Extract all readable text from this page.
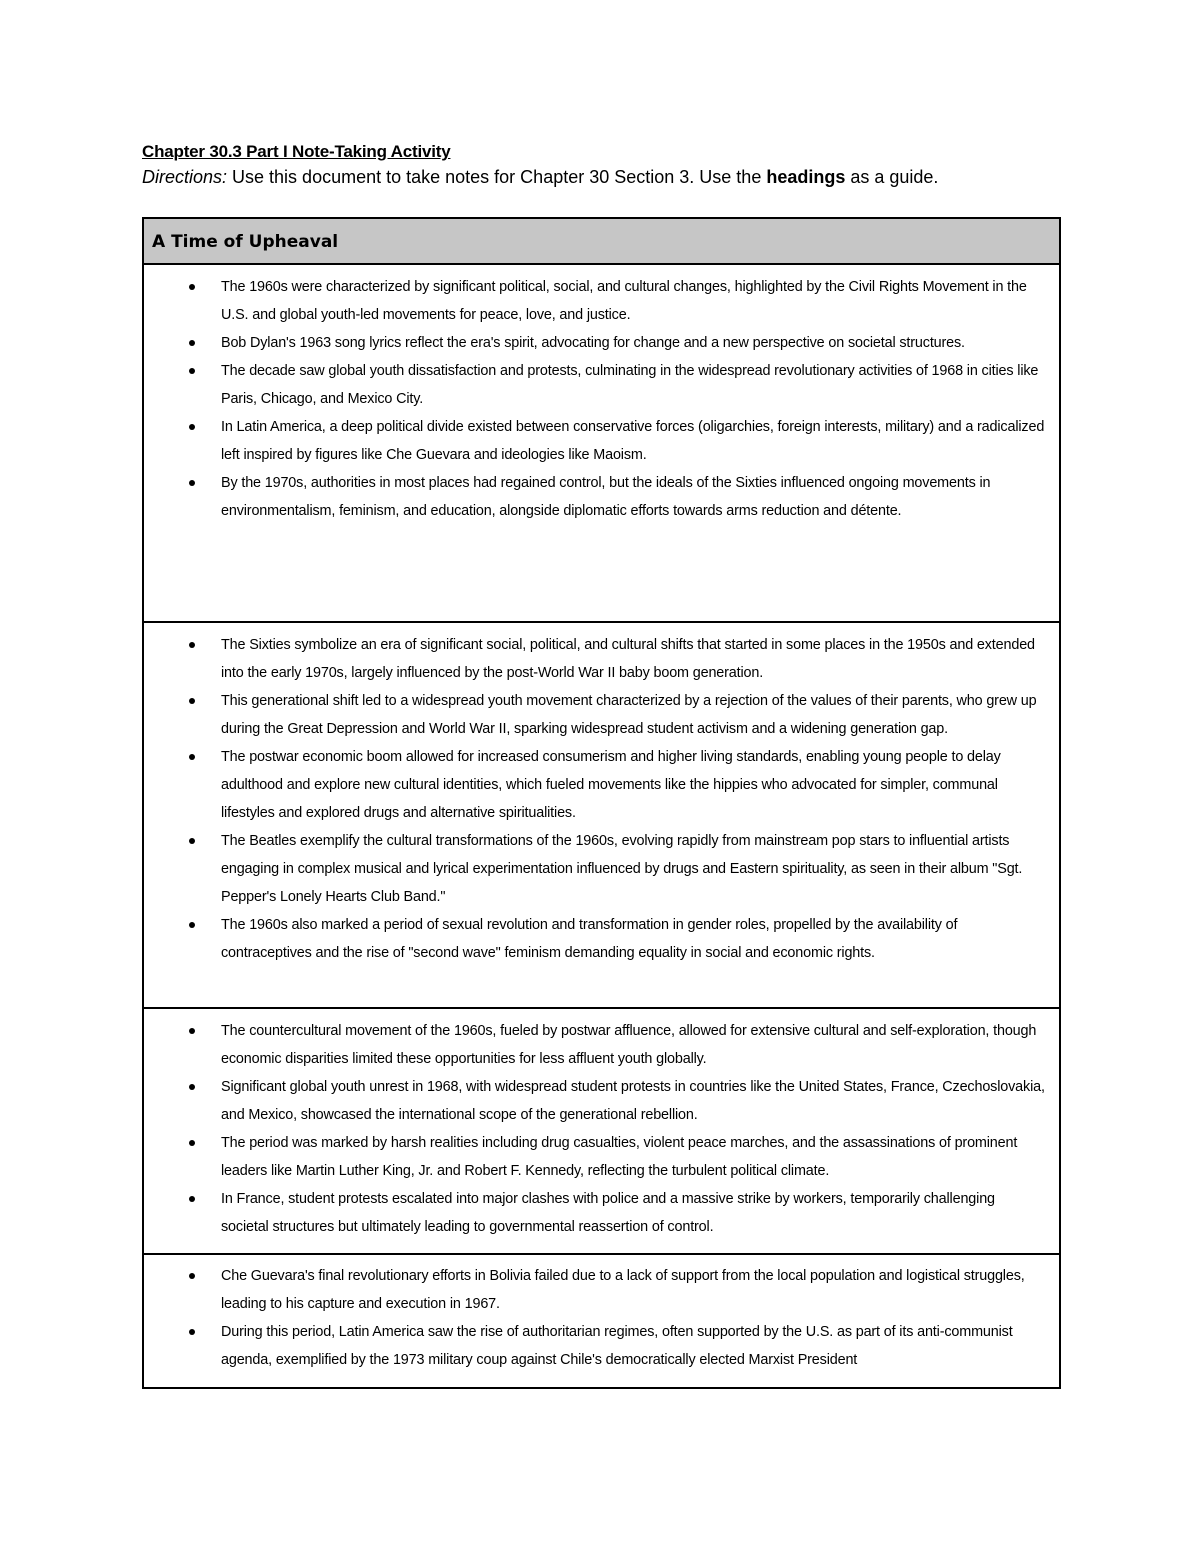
Chapter 30.3 Part I Note-Taking Activity

Directions: Use this document to take notes for Chapter 30 Section 3. Use the headings as a guide.

A Time of Upheaval
The 1960s were characterized by significant political, social, and cultural changes, highlighted by the Civil Rights Movement in the U.S. and global youth-led movements for peace, love, and justice.
Bob Dylan's 1963 song lyrics reflect the era's spirit, advocating for change and a new perspective on societal structures.
The decade saw global youth dissatisfaction and protests, culminating in the widespread revolutionary activities of 1968 in cities like Paris, Chicago, and Mexico City.
In Latin America, a deep political divide existed between conservative forces (oligarchies, foreign interests, military) and a radicalized left inspired by figures like Che Guevara and ideologies like Maoism.
By the 1970s, authorities in most places had regained control, but the ideals of the Sixties influenced ongoing movements in environmentalism, feminism, and education, alongside diplomatic efforts towards arms reduction and détente.
The Sixties symbolize an era of significant social, political, and cultural shifts that started in some places in the 1950s and extended into the early 1970s, largely influenced by the post-World War II baby boom generation.
This generational shift led to a widespread youth movement characterized by a rejection of the values of their parents, who grew up during the Great Depression and World War II, sparking widespread student activism and a widening generation gap.
The postwar economic boom allowed for increased consumerism and higher living standards, enabling young people to delay adulthood and explore new cultural identities, which fueled movements like the hippies who advocated for simpler, communal lifestyles and explored drugs and alternative spiritualities.
The Beatles exemplify the cultural transformations of the 1960s, evolving rapidly from mainstream pop stars to influential artists engaging in complex musical and lyrical experimentation influenced by drugs and Eastern spirituality, as seen in their album "Sgt. Pepper's Lonely Hearts Club Band."
The 1960s also marked a period of sexual revolution and transformation in gender roles, propelled by the availability of contraceptives and the rise of "second wave" feminism demanding equality in social and economic rights.
The countercultural movement of the 1960s, fueled by postwar affluence, allowed for extensive cultural and self-exploration, though economic disparities limited these opportunities for less affluent youth globally.
Significant global youth unrest in 1968, with widespread student protests in countries like the United States, France, Czechoslovakia, and Mexico, showcased the international scope of the generational rebellion.
The period was marked by harsh realities including drug casualties, violent peace marches, and the assassinations of prominent leaders like Martin Luther King, Jr. and Robert F. Kennedy, reflecting the turbulent political climate.
In France, student protests escalated into major clashes with police and a massive strike by workers, temporarily challenging societal structures but ultimately leading to governmental reassertion of control.
Che Guevara's final revolutionary efforts in Bolivia failed due to a lack of support from the local population and logistical struggles, leading to his capture and execution in 1967.
During this period, Latin America saw the rise of authoritarian regimes, often supported by the U.S. as part of its anti-communist agenda, exemplified by the 1973 military coup against Chile's democratically elected Marxist President
